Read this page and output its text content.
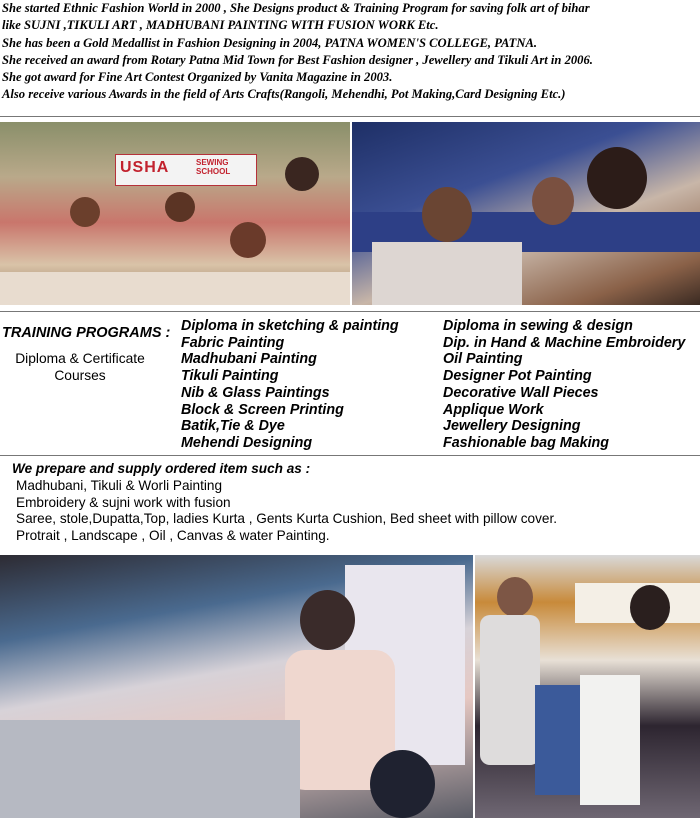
She started Ethnic Fashion World in 2000 , She Designs product & Training Program for saving folk art of bihar
like SUJNI ,TIKULI ART , MADHUBANI PAINTING WITH FUSION WORK Etc.
She has been a Gold Medallist in Fashion Designing in 2004, PATNA WOMEN'S COLLEGE, PATNA.
She received an award from Rotary Patna Mid Town for Best Fashion designer , Jewellery and Tikuli Art in 2006.
She got award for Fine Art Contest Organized by Vanita Magazine in 2003.
Also receive various Awards in the field of Arts Crafts(Rangoli, Mehendhi, Pot Making,Card Designing Etc.)
USHA	SEWING SCHOOL
TRAINING PROGRAMS :
Diploma & Certificate Courses
Diploma in sketching & painting
Fabric Painting
Madhubani Painting
Tikuli Painting
Nib & Glass Paintings
Block & Screen Printing
Batik,Tie & Dye
Mehendi Designing
Diploma in sewing & design
Dip. in Hand & Machine Embroidery
Oil Painting
Designer Pot Painting
Decorative Wall Pieces
Applique Work
Jewellery Designing
Fashionable bag Making
We prepare and supply ordered item such as :
Madhubani, Tikuli & Worli Painting
Embroidery & sujni work with fusion
Saree, stole,Dupatta,Top, ladies Kurta , Gents Kurta Cushion, Bed sheet with pillow cover.
Protrait , Landscape , Oil , Canvas & water Painting.
